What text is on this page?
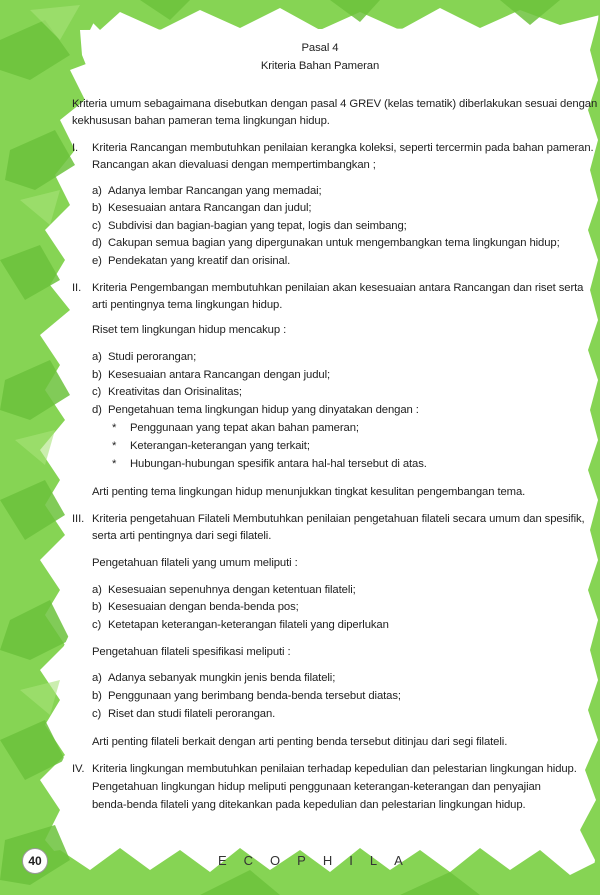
Pasal 4
Kriteria Bahan Pameran
Kriteria umum sebagaimana disebutkan dengan pasal 4 GREV (kelas tematik) diberlakukan sesuai dengan
kekhususan bahan pameran tema lingkungan hidup.
I. Kriteria Rancangan membutuhkan penilaian kerangka koleksi, seperti tercermin pada bahan pameran.
Rancangan akan dievaluasi dengan mempertimbangkan ;
a) Adanya lembar Rancangan yang memadai;
b) Kesesuaian antara Rancangan dan judul;
c) Subdivisi dan bagian-bagian yang tepat, logis dan seimbang;
d) Cakupan semua bagian yang dipergunakan untuk mengembangkan tema lingkungan hidup;
e) Pendekatan yang kreatif dan orisinal.
II. Kriteria Pengembangan membutuhkan penilaian akan kesesuaian antara Rancangan dan riset serta
arti pentingnya tema lingkungan hidup.
Riset tem lingkungan hidup mencakup :
a) Studi perorangan;
b) Kesesuaian antara Rancangan dengan judul;
c) Kreativitas dan Orisinalitas;
d) Pengetahuan tema lingkungan hidup yang dinyatakan dengan :
* Penggunaan yang tepat akan bahan pameran;
* Keterangan-keterangan yang terkait;
* Hubungan-hubungan spesifik antara hal-hal tersebut di atas.
Arti penting tema lingkungan hidup menunjukkan tingkat kesulitan pengembangan tema.
III. Kriteria pengetahuan Filateli Membutuhkan penilaian pengetahuan filateli secara umum dan spesifik,
serta arti pentingnya dari segi filateli.
Pengetahuan filateli yang umum meliputi :
a) Kesesuaian sepenuhnya dengan ketentuan filateli;
b) Kesesuaian dengan benda-benda pos;
c) Ketetapan keterangan-keterangan filateli yang diperlukan
Pengetahuan filateli spesifikasi meliputi :
a) Adanya sebanyak mungkin jenis benda filateli;
b) Penggunaan yang berimbang benda-benda tersebut diatas;
c) Riset dan studi filateli perorangan.
Arti penting filateli berkait dengan arti penting benda tersebut ditinjau dari segi filateli.
IV. Kriteria lingkungan membutuhkan penilaian terhadap kepedulian dan pelestarian lingkungan hidup.
Pengetahuan lingkungan hidup meliputi penggunaan keterangan-keterangan dan penyajian
benda-benda filateli yang ditekankan pada kepedulian dan pelestarian lingkungan hidup.
40	ECOPHILA
